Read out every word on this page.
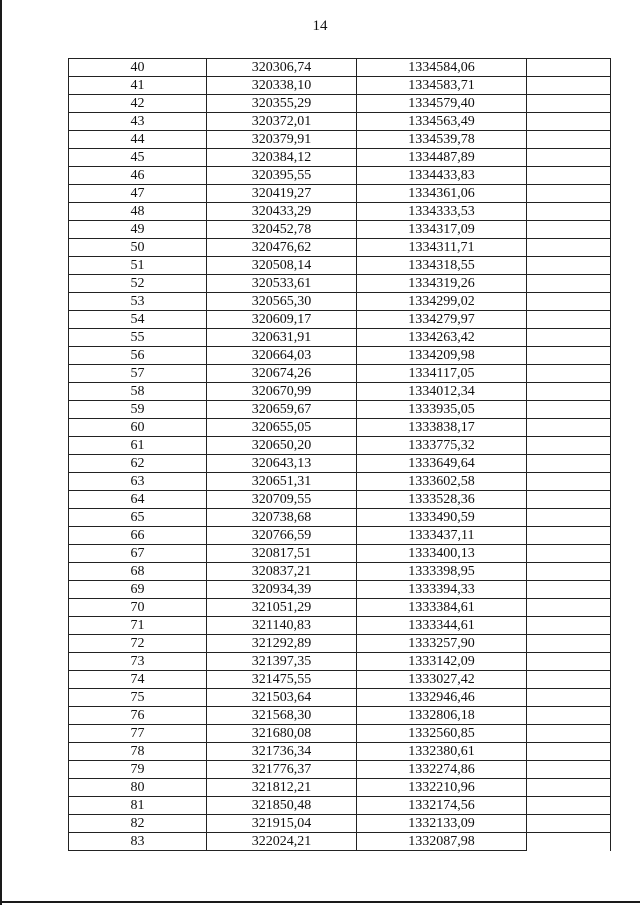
14
40	320306,74	1334584,06	
41	320338,10	1334583,71	
42	320355,29	1334579,40	
43	320372,01	1334563,49	
44	320379,91	1334539,78	
45	320384,12	1334487,89	
46	320395,55	1334433,83	
47	320419,27	1334361,06	
48	320433,29	1334333,53	
49	320452,78	1334317,09	
50	320476,62	1334311,71	
51	320508,14	1334318,55	
52	320533,61	1334319,26	
53	320565,30	1334299,02	
54	320609,17	1334279,97	
55	320631,91	1334263,42	
56	320664,03	1334209,98	
57	320674,26	1334117,05	
58	320670,99	1334012,34	
59	320659,67	1333935,05	
60	320655,05	1333838,17	
61	320650,20	1333775,32	
62	320643,13	1333649,64	
63	320651,31	1333602,58	
64	320709,55	1333528,36	
65	320738,68	1333490,59	
66	320766,59	1333437,11	
67	320817,51	1333400,13	
68	320837,21	1333398,95	
69	320934,39	1333394,33	
70	321051,29	1333384,61	
71	321140,83	1333344,61	
72	321292,89	1333257,90	
73	321397,35	1333142,09	
74	321475,55	1333027,42	
75	321503,64	1332946,46	
76	321568,30	1332806,18	
77	321680,08	1332560,85	
78	321736,34	1332380,61	
79	321776,37	1332274,86	
80	321812,21	1332210,96	
81	321850,48	1332174,56	
82	321915,04	1332133,09	
83	322024,21	1332087,98	
